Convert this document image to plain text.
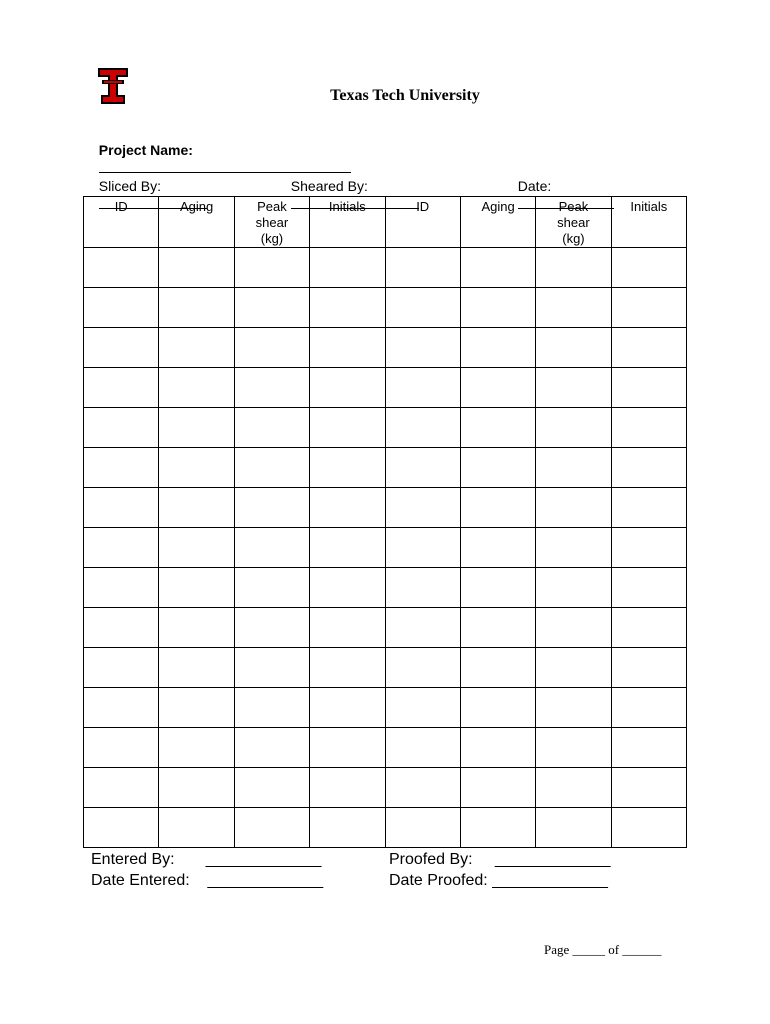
Texas Tech University

Project Name:

Sliced By:
	Sheared By:
	Date:

ID	Aging	Peak shear (kg)	Initials	ID	Aging	Peak shear (kg)	Initials

Entered By: _____________
Date Entered: _____________
Proofed By: _____________
Date Proofed: _____________
Page _____ of ______
